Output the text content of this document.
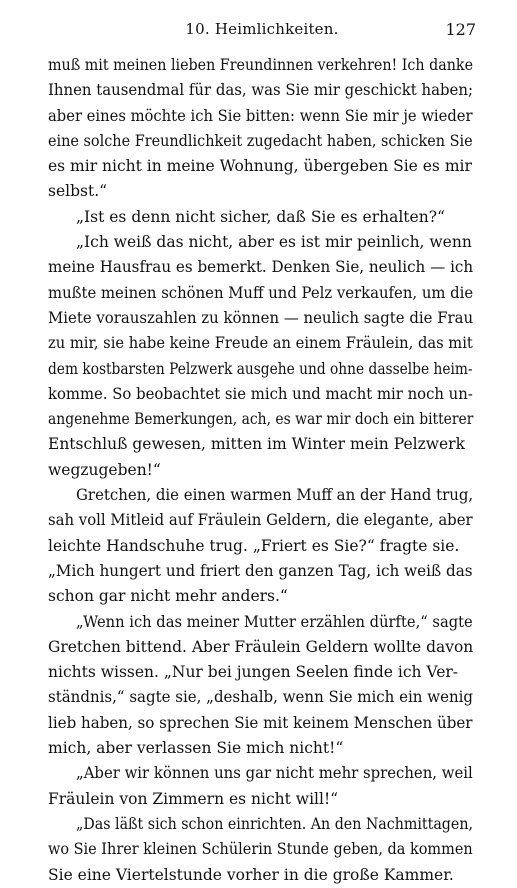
10. Heimlichkeiten.	127
muß mit meinen lieben Freundinnen verkehren! Ich danke
Ihnen tausendmal für das, was Sie mir geschickt haben;
aber eines möchte ich Sie bitten: wenn Sie mir je wieder
eine solche Freundlichkeit zugedacht haben, schicken Sie
es mir nicht in meine Wohnung, übergeben Sie es mir
selbst.“
„Ist es denn nicht sicher, daß Sie es erhalten?“
„Ich weiß das nicht, aber es ist mir peinlich, wenn
meine Hausfrau es bemerkt. Denken Sie, neulich — ich
mußte meinen schönen Muff und Pelz verkaufen, um die
Miete vorauszahlen zu können — neulich sagte die Frau
zu mir, sie habe keine Freude an einem Fräulein, das mit
dem kostbarsten Pelzwerk ausgehe und ohne dasselbe heim-
komme. So beobachtet sie mich und macht mir noch un-
angenehme Bemerkungen, ach, es war mir doch ein bitterer
Entschluß gewesen, mitten im Winter mein Pelzwerk
wegzugeben!“
Gretchen, die einen warmen Muff an der Hand trug,
sah voll Mitleid auf Fräulein Geldern, die elegante, aber
leichte Handschuhe trug. „Friert es Sie?“ fragte sie.
„Mich hungert und friert den ganzen Tag, ich weiß das
schon gar nicht mehr anders.“
„Wenn ich das meiner Mutter erzählen dürfte,“ sagte
Gretchen bittend. Aber Fräulein Geldern wollte davon
nichts wissen. „Nur bei jungen Seelen finde ich Ver-
ständnis,“ sagte sie, „deshalb, wenn Sie mich ein wenig
lieb haben, so sprechen Sie mit keinem Menschen über
mich, aber verlassen Sie mich nicht!“
„Aber wir können uns gar nicht mehr sprechen, weil
Fräulein von Zimmern es nicht will!“
„Das läßt sich schon einrichten. An den Nachmittagen,
wo Sie Ihrer kleinen Schülerin Stunde geben, da kommen
Sie eine Viertelstunde vorher in die große Kammer.
